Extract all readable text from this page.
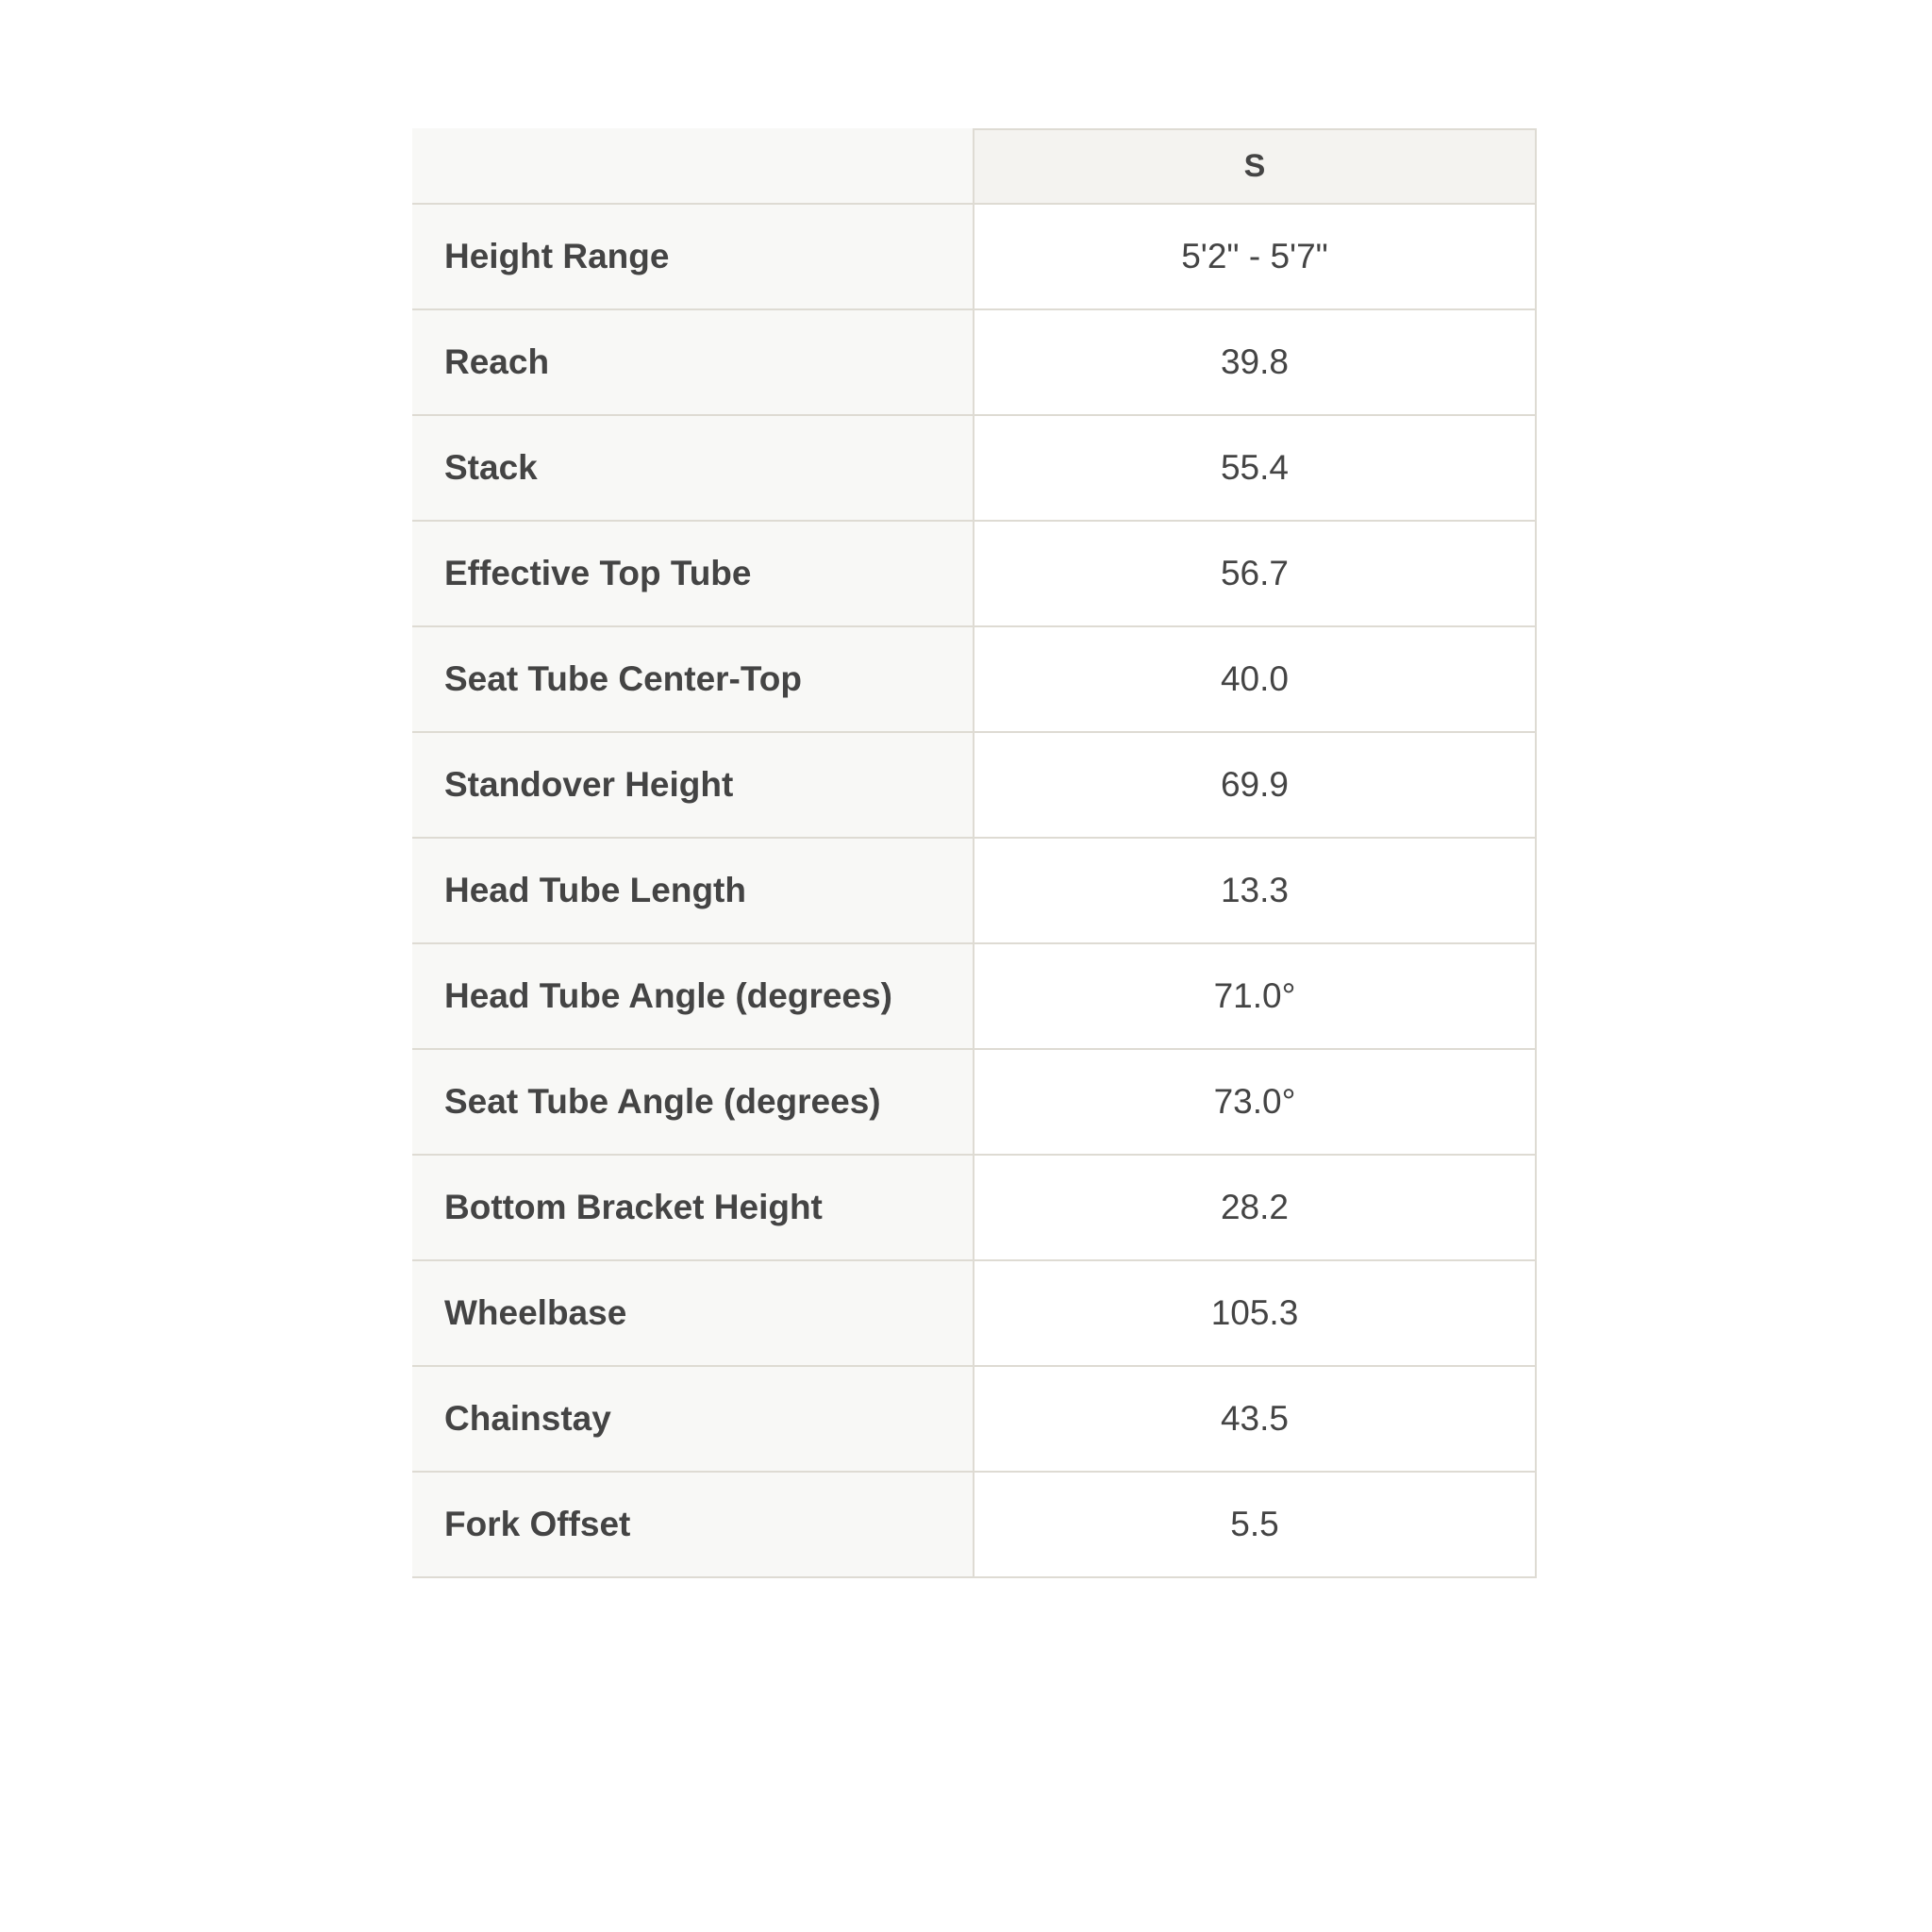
	S
Height Range	5'2" - 5'7"
Reach	39.8
Stack	55.4
Effective Top Tube	56.7
Seat Tube Center-Top	40.0
Standover Height	69.9
Head Tube Length	13.3
Head Tube Angle (degrees)	71.0°
Seat Tube Angle (degrees)	73.0°
Bottom Bracket Height	28.2
Wheelbase	105.3
Chainstay	43.5
Fork Offset	5.5
